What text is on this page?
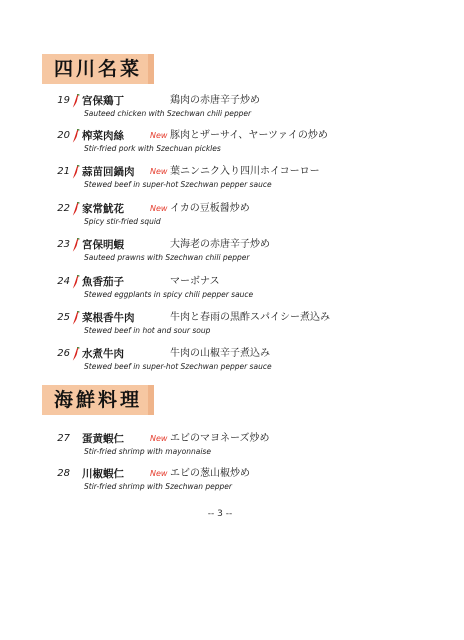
四川名菜
19 宫保鶏丁	鶏肉の赤唐辛子炒め
Sauteed chicken with Szechwan chili pepper
20 榨菜肉絲	New 豚肉とザーサイ、ヤーツァイの炒め
Stir-fried pork with Szechuan pickles
21 蒜苗回鍋肉 New 葉ニンニク入り四川ホイコーロー
Stewed beef in super-hot Szechwan pepper sauce
22 家常魷花	New イカの豆板醤炒め
Spicy stir-fried squid
23 宮保明蝦	大海老の赤唐辛子炒め
Sauteed prawns with Szechwan chili pepper
24 魚香茄子	マーボナス
Stewed eggplants in spicy chili pepper sauce
25 菜根香牛肉	牛肉と春雨の黒酢スパイシー煮込み
Stewed beef in hot and sour soup
26 水煮牛肉	牛肉の山椒辛子煮込み
Stewed beef in super-hot Szechwan pepper sauce
海鮮料理
27 蛋黄蝦仁	New エビのマヨネーズ炒め
Stir-fried shrimp with mayonnaise
28 川椒蝦仁	New エビの葱山椒炒め
Stir-fried shrimp with Szechwan pepper
-- 3 --
